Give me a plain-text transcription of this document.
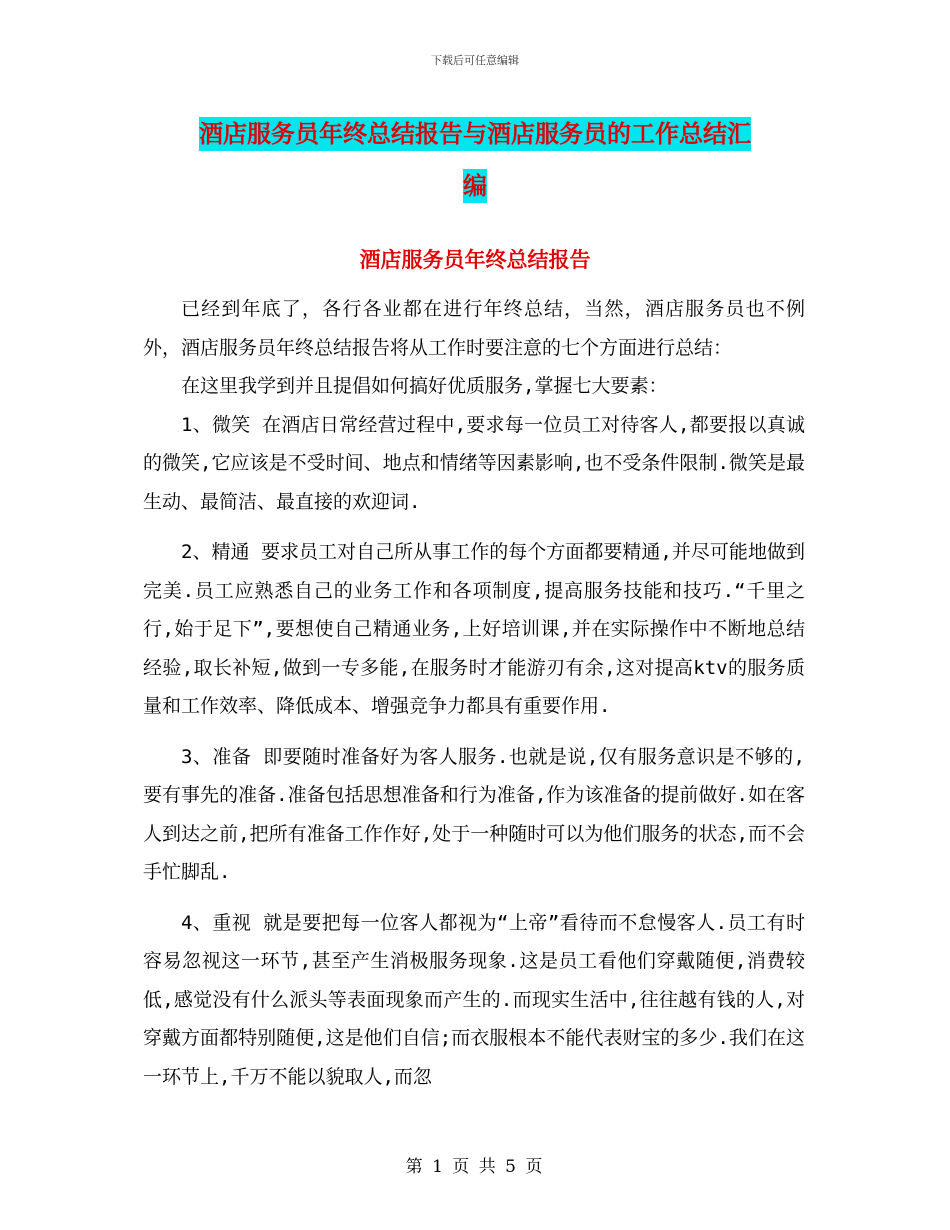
下载后可任意编辑
酒店服务员年终总结报告与酒店服务员的工作总结汇
编
酒店服务员年终总结报告

已经到年底了，各行各业都在进行年终总结，当然，酒店服务员也不例外，酒店服务员年终总结报告将从工作时要注意的七个方面进行总结：

在这里我学到并且提倡如何搞好优质服务,掌握七大要素：

1、微笑 在酒店日常经营过程中,要求每一位员工对待客人,都要报以真诚的微笑,它应该是不受时间、地点和情绪等因素影响,也不受条件限制.微笑是最生动、最简洁、最直接的欢迎词.

2、精通 要求员工对自己所从事工作的每个方面都要精通,并尽可能地做到完美.员工应熟悉自己的业务工作和各项制度,提高服务技能和技巧.“千里之行,始于足下”,要想使自己精通业务,上好培训课,并在实际操作中不断地总结经验,取长补短,做到一专多能,在服务时才能游刃有余,这对提高ktv的服务质量和工作效率、降低成本、增强竞争力都具有重要作用.

3、准备 即要随时准备好为客人服务.也就是说,仅有服务意识是不够的,要有事先的准备.准备包括思想准备和行为准备,作为该准备的提前做好.如在客人到达之前,把所有准备工作作好,处于一种随时可以为他们服务的状态,而不会手忙脚乱.

4、重视 就是要把每一位客人都视为“上帝”看待而不怠慢客人.员工有时容易忽视这一环节,甚至产生消极服务现象.这是员工看他们穿戴随便,消费较低,感觉没有什么派头等表面现象而产生的.而现实生活中,往往越有钱的人,对穿戴方面都特别随便,这是他们自信;而衣服根本不能代表财宝的多少.我们在这一环节上,千万不能以貌取人,而忽

第 1 页 共 5 页
